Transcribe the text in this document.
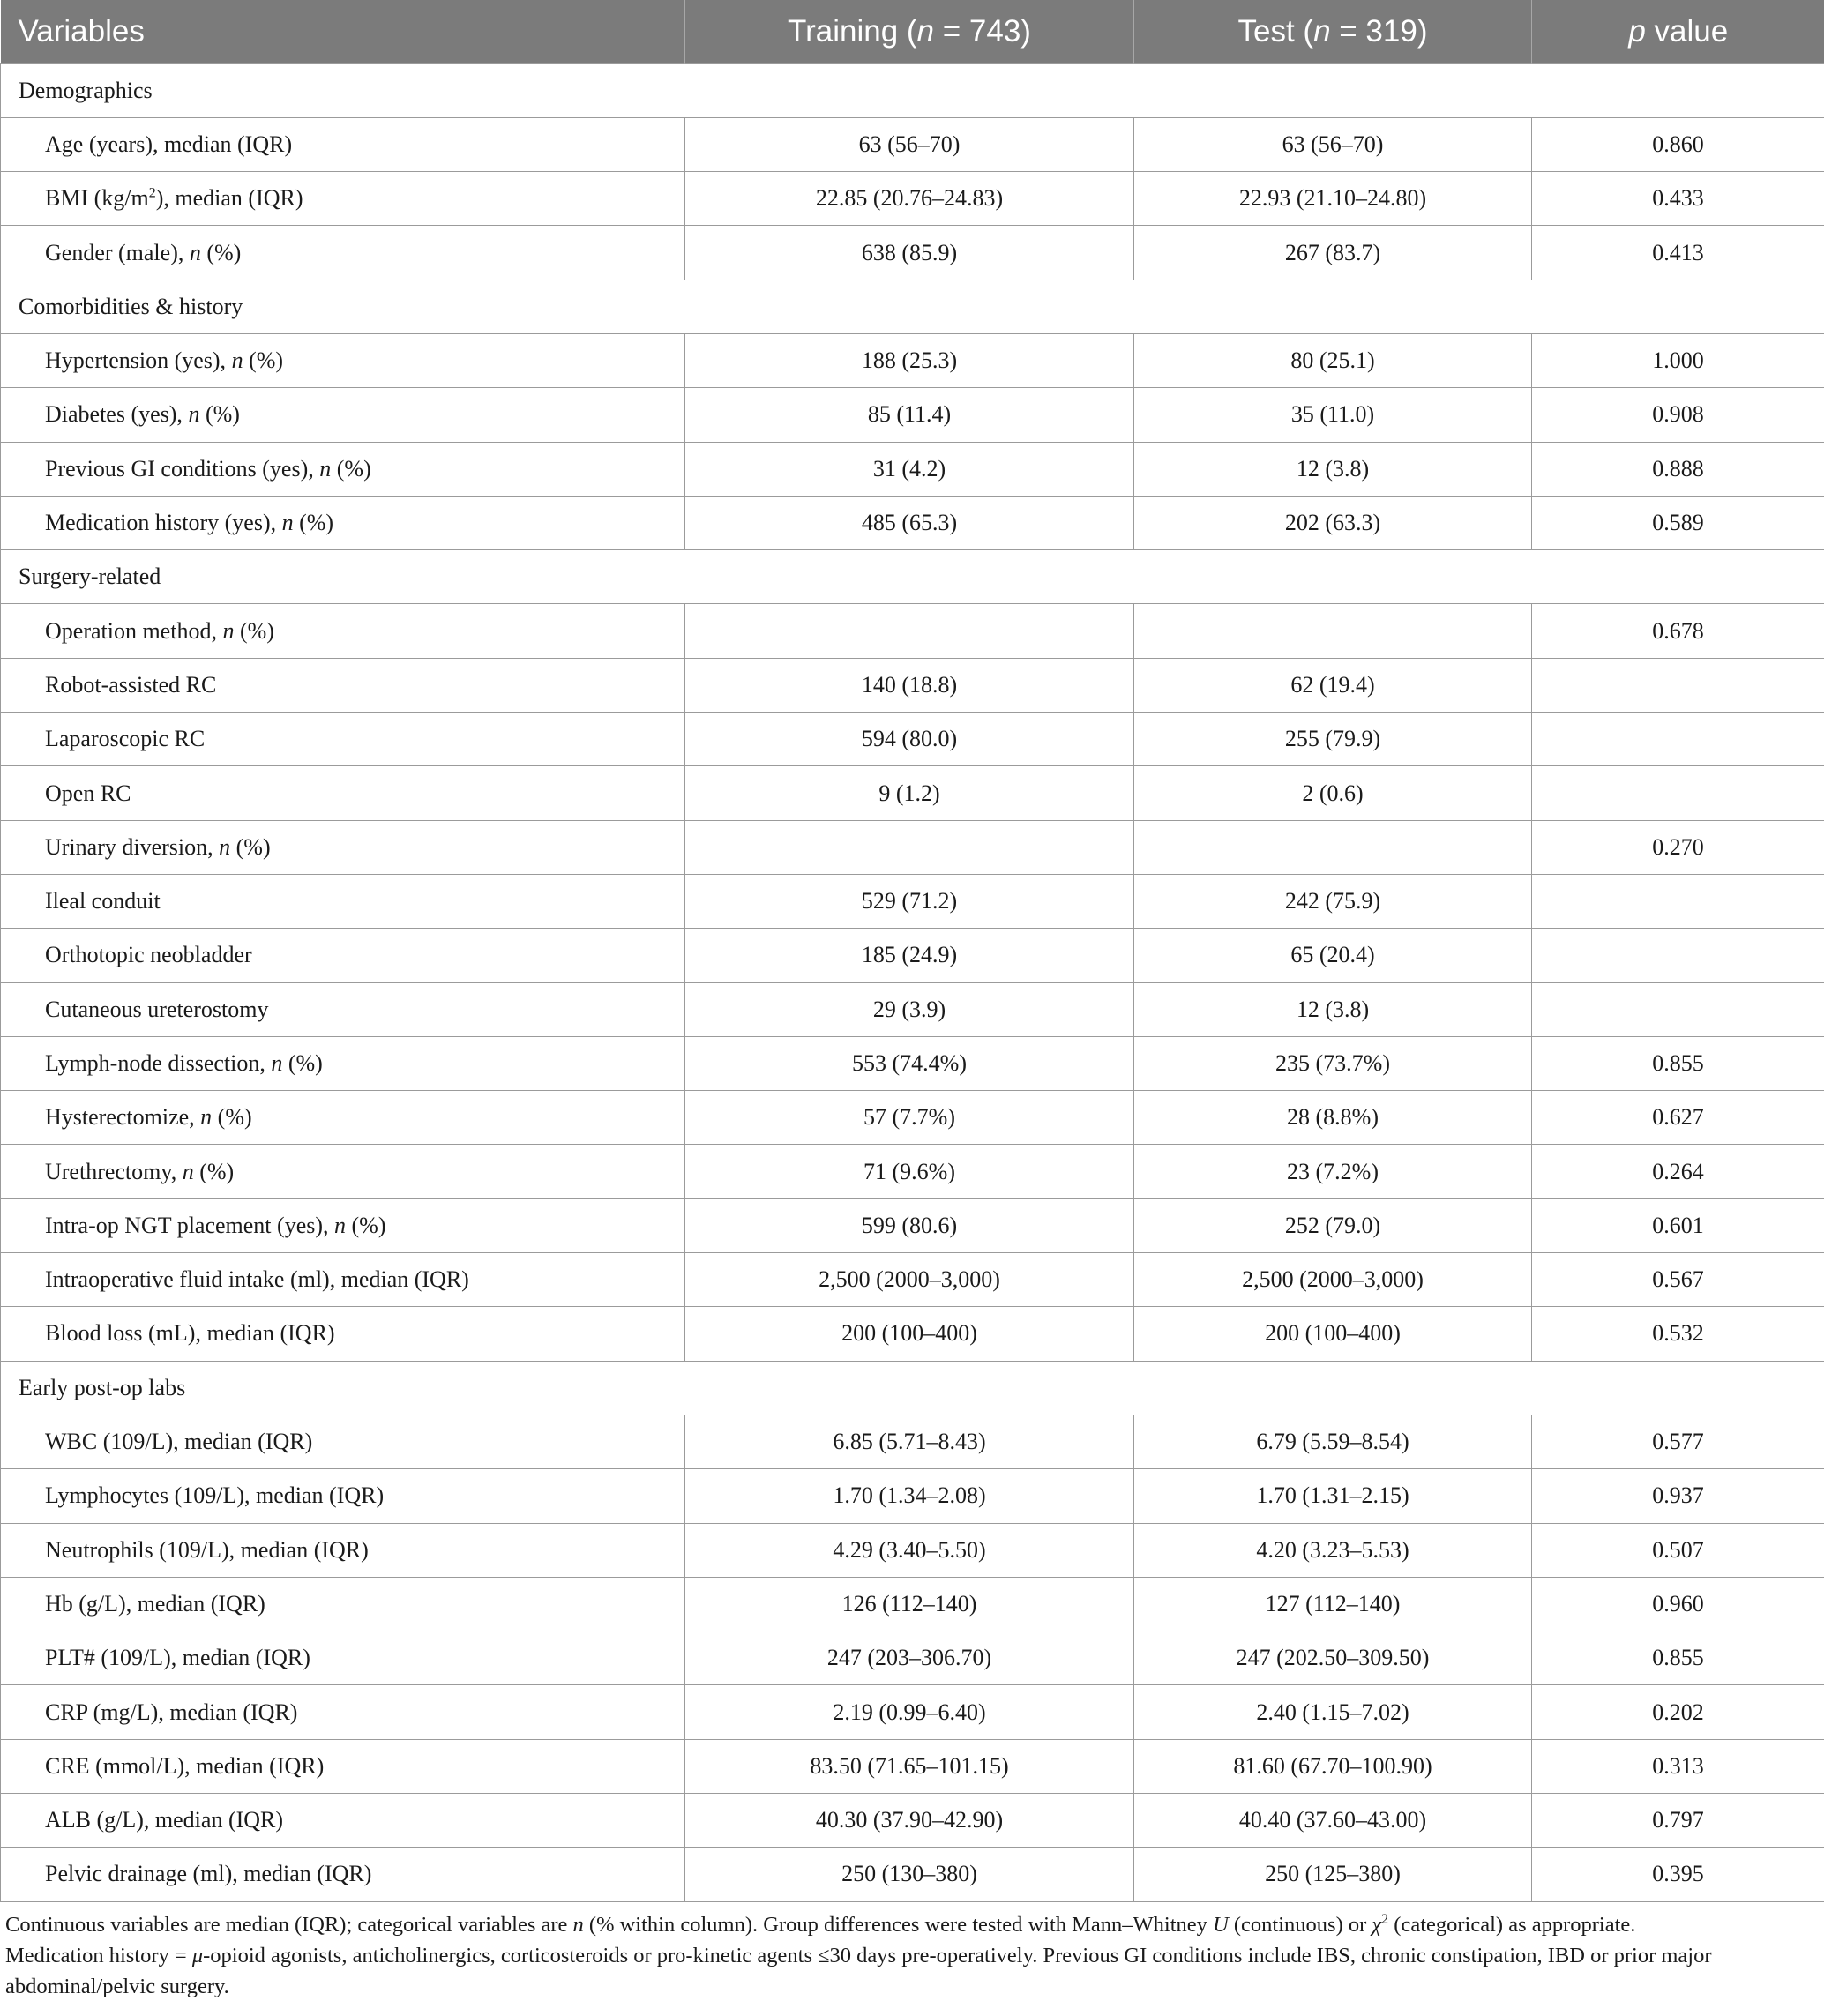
Variables	Training (n = 743)	Test (n = 319)	p value
Demographics			
Age (years), median (IQR)	63 (56–70)	63 (56–70)	0.860
BMI $(kg/m^2)$, median (IQR)	22.85 (20.76–24.83)	22.93 (21.10–24.80)	0.433
Gender (male), n (%)	638 (85.9)	267 (83.7)	0.413
Comorbidities & history			
Hypertension (yes), n (%)	188 (25.3)	80 (25.1)	1.000
Diabetes (yes), n (%)	85 (11.4)	35 (11.0)	0.908
Previous GI conditions (yes), n (%)	31 (4.2)	12 (3.8)	0.888
Medication history (yes), n (%)	485 (65.3)	202 (63.3)	0.589
Surgery-related			
Operation method, n (%)			0.678
Robot-assisted RC	140 (18.8)	62 (19.4)	
Laparoscopic RC	594 (80.0)	255 (79.9)	
Open RC	9 (1.2)	2 (0.6)	
Urinary diversion, n (%)			0.270
Ileal conduit	529 (71.2)	242 (75.9)	
Orthotopic neobladder	185 (24.9)	65 (20.4)	
Cutaneous ureterostomy	29 (3.9)	12 (3.8)	
Lymph-node dissection, n (%)	553 (74.4%)	235 (73.7%)	0.855
Hysterectomize, n (%)	57 (7.7%)	28 (8.8%)	0.627
Urethrectomy, n (%)	71 (9.6%)	23 (7.2%)	0.264
Intra-op NGT placement (yes), n (%)	599 (80.6)	252 (79.0)	0.601
Intraoperative fluid intake (ml), median (IQR)	2,500 (2000–3,000)	2,500 (2000–3,000)	0.567
Blood loss (mL), median (IQR)	200 (100–400)	200 (100–400)	0.532
Early post-op labs			
WBC (109/L), median (IQR)	6.85 (5.71–8.43)	6.79 (5.59–8.54)	0.577
Lymphocytes (109/L), median (IQR)	1.70 (1.34–2.08)	1.70 (1.31–2.15)	0.937
Neutrophils (109/L), median (IQR)	4.29 (3.40–5.50)	4.20 (3.23–5.53)	0.507
Hb (g/L), median (IQR)	126 (112–140)	127 (112–140)	0.960
PLT# (109/L), median (IQR)	247 (203–306.70)	247 (202.50–309.50)	0.855
CRP (mg/L), median (IQR)	2.19 (0.99–6.40)	2.40 (1.15–7.02)	0.202
CRE (mmol/L), median (IQR)	83.50 (71.65–101.15)	81.60 (67.70–100.90)	0.313
ALB (g/L), median (IQR)	40.30 (37.90–42.90)	40.40 (37.60–43.00)	0.797
Pelvic drainage (ml), median (IQR)	250 (130–380)	250 (125–380)	0.395

Continuous variables are median (IQR); categorical variables are n (% within column). Group differences were tested with Mann–Whitney U (continuous) or $\chi^2$ (categorical) as appropriate.

Medication history = μ-opioid agonists, anticholinergics, corticosteroids or pro-kinetic agents ≤30 days pre-operatively. Previous GI conditions include IBS, chronic constipation, IBD or prior major abdominal/pelvic surgery.
